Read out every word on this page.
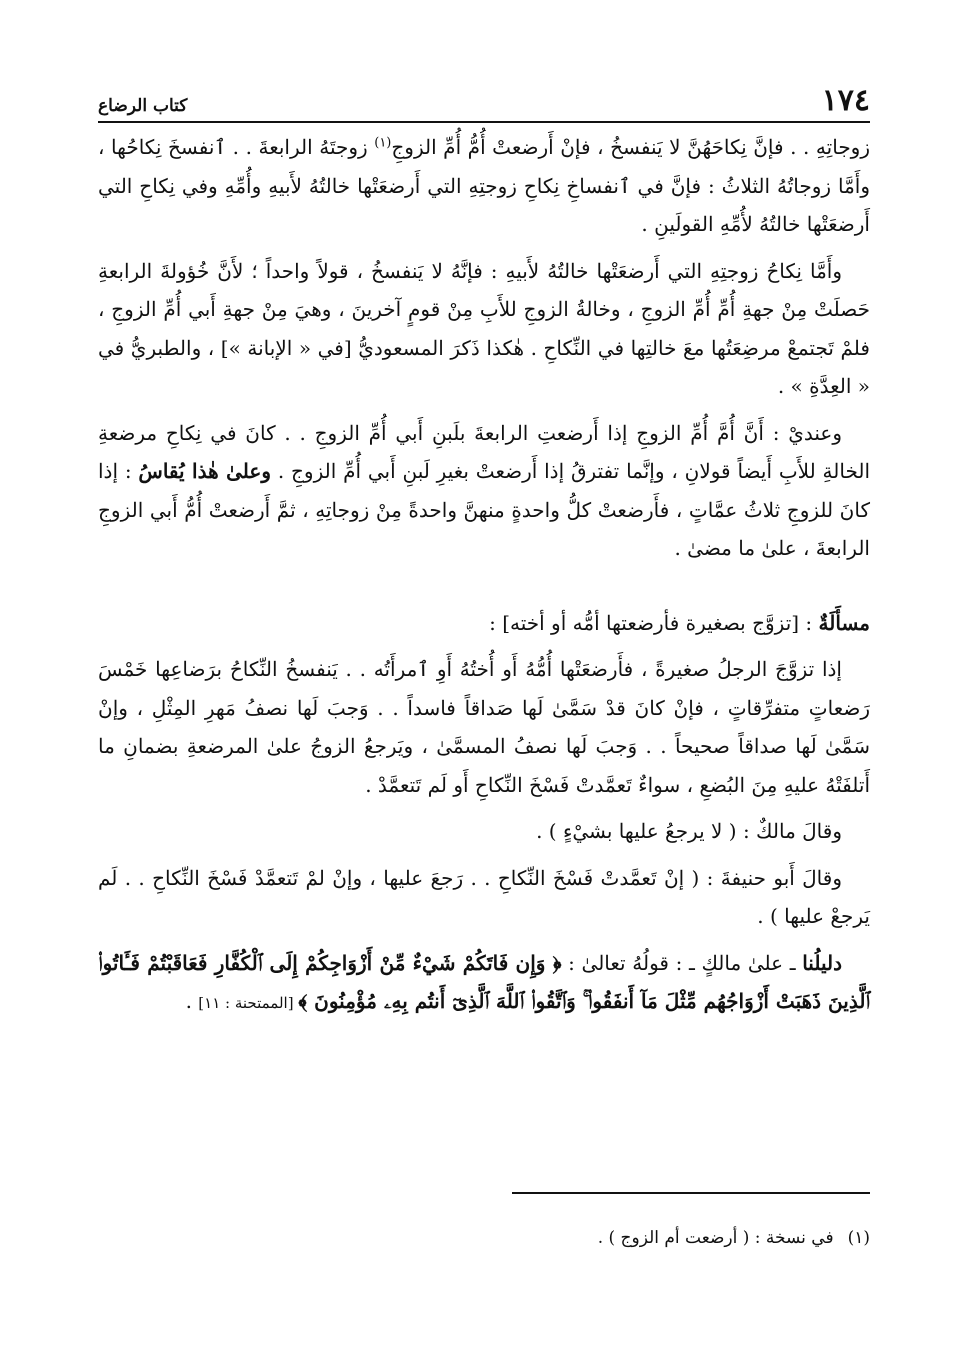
١٧٤
كتاب الرضاع

زوجاتِهِ . . فإنَّ نِكاحَهُنَّ لا يَنفسخُ ، فإنْ أَرضعتْ أُمُّ أُمِّ الزوجِ$^{(١)}$ زوجتَهُ الرابعةَ . . ٱنفسخَ نِكاحُها ، وأَمَّا زوجاتُهُ الثلاثُ : فإنَّ في ٱنفساخِ نِكاحِ زوجتِهِ التي أَرضعَتْها خالتُهُ لأَبيهِ وأُمِّهِ وفي نِكاحِ التي أَرضعَتْها خالتُهُ لأُمِّهِ القولَينِ .

وأَمَّا نِكاحُ زوجتِهِ التي أَرضعَتْها خالتُهُ لأَبيهِ : فإنَّهُ لا يَنفسخُ ، قولاً واحداً ؛ لأَنَّ خُؤولةَ الرابعةِ حَصلَتْ مِنْ جهةِ أُمِّ أُمِّ الزوجِ ، وخالةُ الزوجِ للأَبِ مِنْ قومٍ آخرينَ ، وهيَ مِنْ جهةِ أَبي أُمِّ الزوجِ ، فلمْ تَجتمعْ مرضِعَتُها معَ خالتِها في النِّكاحِ . هٰكذا ذَكرَ المسعوديُّ [في « الإبانة »] ، والطبريُّ في « العِدَّةِ » .

وعنديْ : أَنَّ أُمَّ أُمِّ الزوجِ إذا أَرضعتِ الرابعةَ بلَبنِ أَبي أُمِّ الزوجِ . . كانَ في نِكاحِ مرضعةِ الخالةِ للأَبِ أَيضاً قولانِ ، وإنَّما تفترقُ إذا أَرضعتْ بغيرِ لَبنِ أَبي أُمِّ الزوجِ . وعلىٰ هٰذا يُقاسُ : إذا كانَ للزوجِ ثلاثُ عمَّاتٍ ، فأَرضعتْ كلُّ واحدةٍ منهنَّ واحدةً مِنْ زوجاتِهِ ، ثمَّ أَرضعتْ أُمُّ أَبي الزوجِ الرابعةَ ، علىٰ ما مضىٰ .

مسأَلَةٌ : [تزوَّج بصغيرة فأرضعتها أمُّه أو أخته] :

إذا تزوَّجَ الرجلُ صغيرةً ، فأَرضعَتْها أُمُّهُ أَو أُختُهُ أَوِ ٱمرأَتُه . . يَنفسخُ النِّكاحُ برَضاعِها خَمْسَ رَضعاتٍ متفرِّقاتٍ ، فإنْ كانَ قدْ سَمَّىٰ لَها صَداقاً فاسداً . . وَجبَ لَها نصفُ مَهرِ المِثْلِ ، وإنْ سَمَّىٰ لَها صداقاً صحيحاً . . وَجبَ لَها نصفُ المسمَّىٰ ، ويَرجعُ الزوجُ علىٰ المرضعةِ بضمانِ ما أَتلفَتْهُ عليهِ مِنَ البُضعِ ، سواءٌ تَعمَّدتْ فَسْخَ النِّكاحِ أَو لَم تَتعمَّدْ .

وقالَ مالكٌ : ( لا يرجعُ عليها بشيْءٍ ) .

وقالَ أَبو حنيفةَ : ( إنْ تَعمَّدتْ فَسْخَ النِّكاحِ . . رَجعَ عليها ، وإنْ لمْ تَتعمَّدْ فَسْخَ النِّكاحِ . . لَم يَرجعْ عليها ) .

دليلُنا ـ علىٰ مالكٍ ـ : قولُهُ تعالىٰ : ﴿ وَإِن فَاتَكُمْ شَيْءٌ مِّنْ أَزْوَاجِكُمْ إِلَى ٱلْكُفَّارِ فَعَاقَبْتُمْ فَـَٔاتُوا۟ ٱلَّذِينَ ذَهَبَتْ أَزْوَاجُهُم مِّثْلَ مَآ أَنفَقُوا۟ ۚ وَٱتَّقُوا۟ ٱللَّهَ ٱلَّذِىٓ أَنتُم بِهِۦ مُؤْمِنُونَ ﴾ [الممتحنة : ١١] .

(١)في نسخة : ( أرضعت أم الزوج ) .
